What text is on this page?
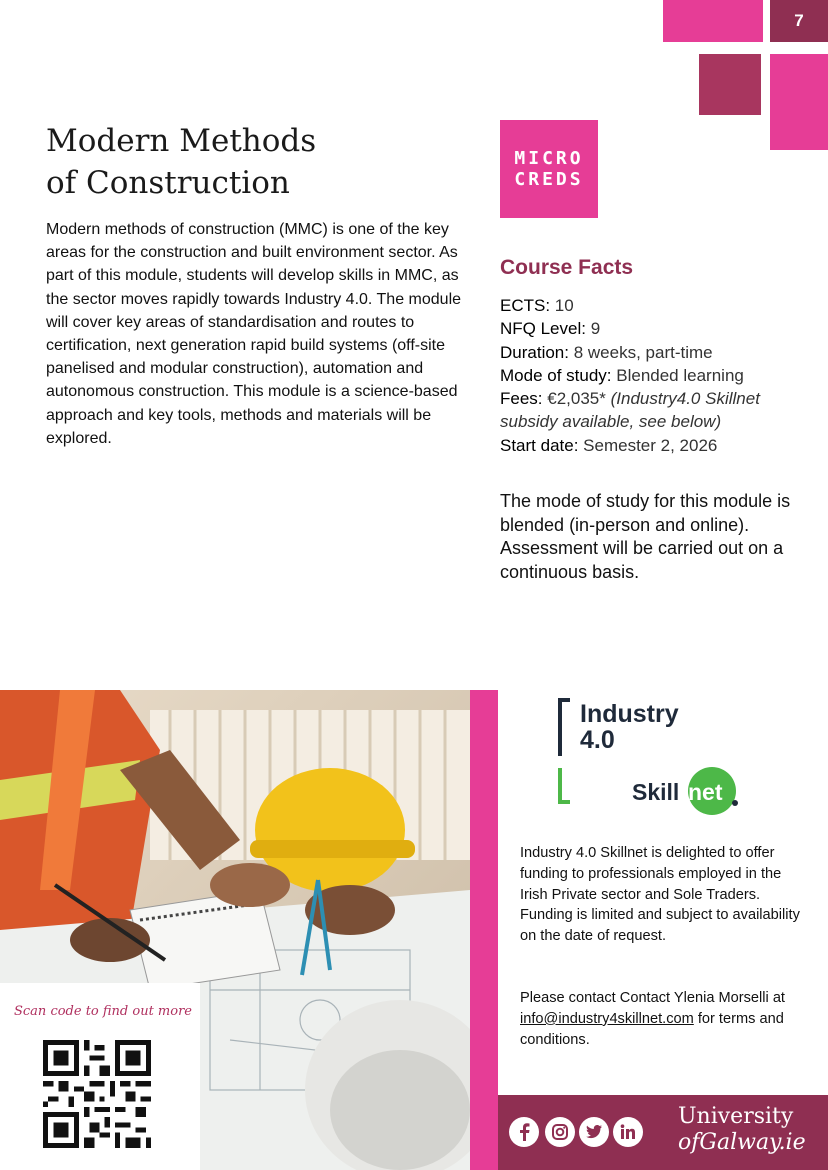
7
Modern Methods
of Construction

Modern methods of construction (MMC) is one of the key areas for the construction and built environment sector. As part of this module, students will develop skills in MMC, as the sector moves rapidly towards Industry 4.0. The module will cover key areas of standardisation and routes to certification, next generation rapid build systems (off-site panelised and modular construction), automation and autonomous construction. This module is a science-based approach and key tools, methods and materials will be explored.

MICRO
CREDS
Course Facts
ECTS: 10
NFQ Level: 9
Duration: 8 weeks, part-time
Mode of study: Blended learning
Fees: €2,035* (Industry4.0 Skillnet subsidy available, see below)
Start date: Semester 2, 2026

The mode of study for this module is blended (in-person and online). Assessment will be carried out on a continuous basis.

Scan code to find out more
Industry
4.0
Skill net

Industry 4.0 Skillnet is delighted to offer funding to professionals employed in the Irish Private sector and Sole Traders. Funding is limited and subject to availability on the date of request.

Please contact Contact Ylenia Morselli at info@industry4skillnet.com for terms and conditions.

University
ofGalway.ie
